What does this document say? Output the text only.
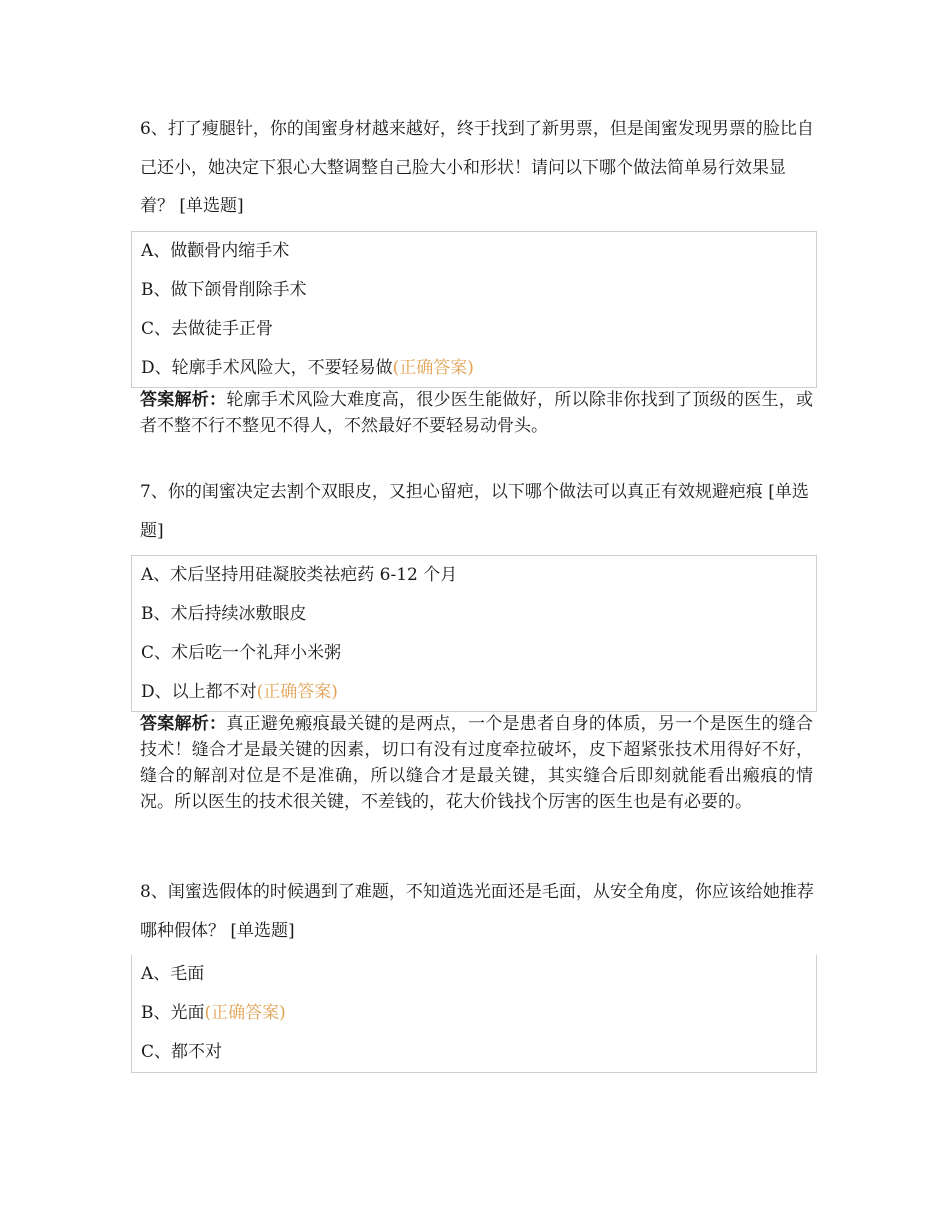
6、打了瘦腿针，你的闺蜜身材越来越好，终于找到了新男票，但是闺蜜发现男票的脸比自己还小，她决定下狠心大整调整自己脸大小和形状！请问以下哪个做法简单易行效果显着？ [单选题]

A、做颧骨内缩手术
B、做下颌骨削除手术
C、去做徒手正骨
D、轮廓手术风险大，不要轻易做(正确答案)

答案解析：轮廓手术风险大难度高，很少医生能做好，所以除非你找到了顶级的医生，或者不整不行不整见不得人，不然最好不要轻易动骨头。

7、你的闺蜜决定去割个双眼皮，又担心留疤，以下哪个做法可以真正有效规避疤痕 [单选题]

A、术后坚持用硅凝胶类祛疤药 6-12 个月
B、术后持续冰敷眼皮
C、术后吃一个礼拜小米粥
D、以上都不对(正确答案)

答案解析：真正避免瘢痕最关键的是两点，一个是患者自身的体质，另一个是医生的缝合技术！缝合才是最关键的因素，切口有没有过度牵拉破坏，皮下超紧张技术用得好不好，缝合的解剖对位是不是准确，所以缝合才是最关键，其实缝合后即刻就能看出瘢痕的情况。所以医生的技术很关键，不差钱的，花大价钱找个厉害的医生也是有必要的。

8、闺蜜选假体的时候遇到了难题，不知道选光面还是毛面，从安全角度，你应该给她推荐哪种假体？ [单选题]

A、毛面
B、光面(正确答案)
C、都不对
